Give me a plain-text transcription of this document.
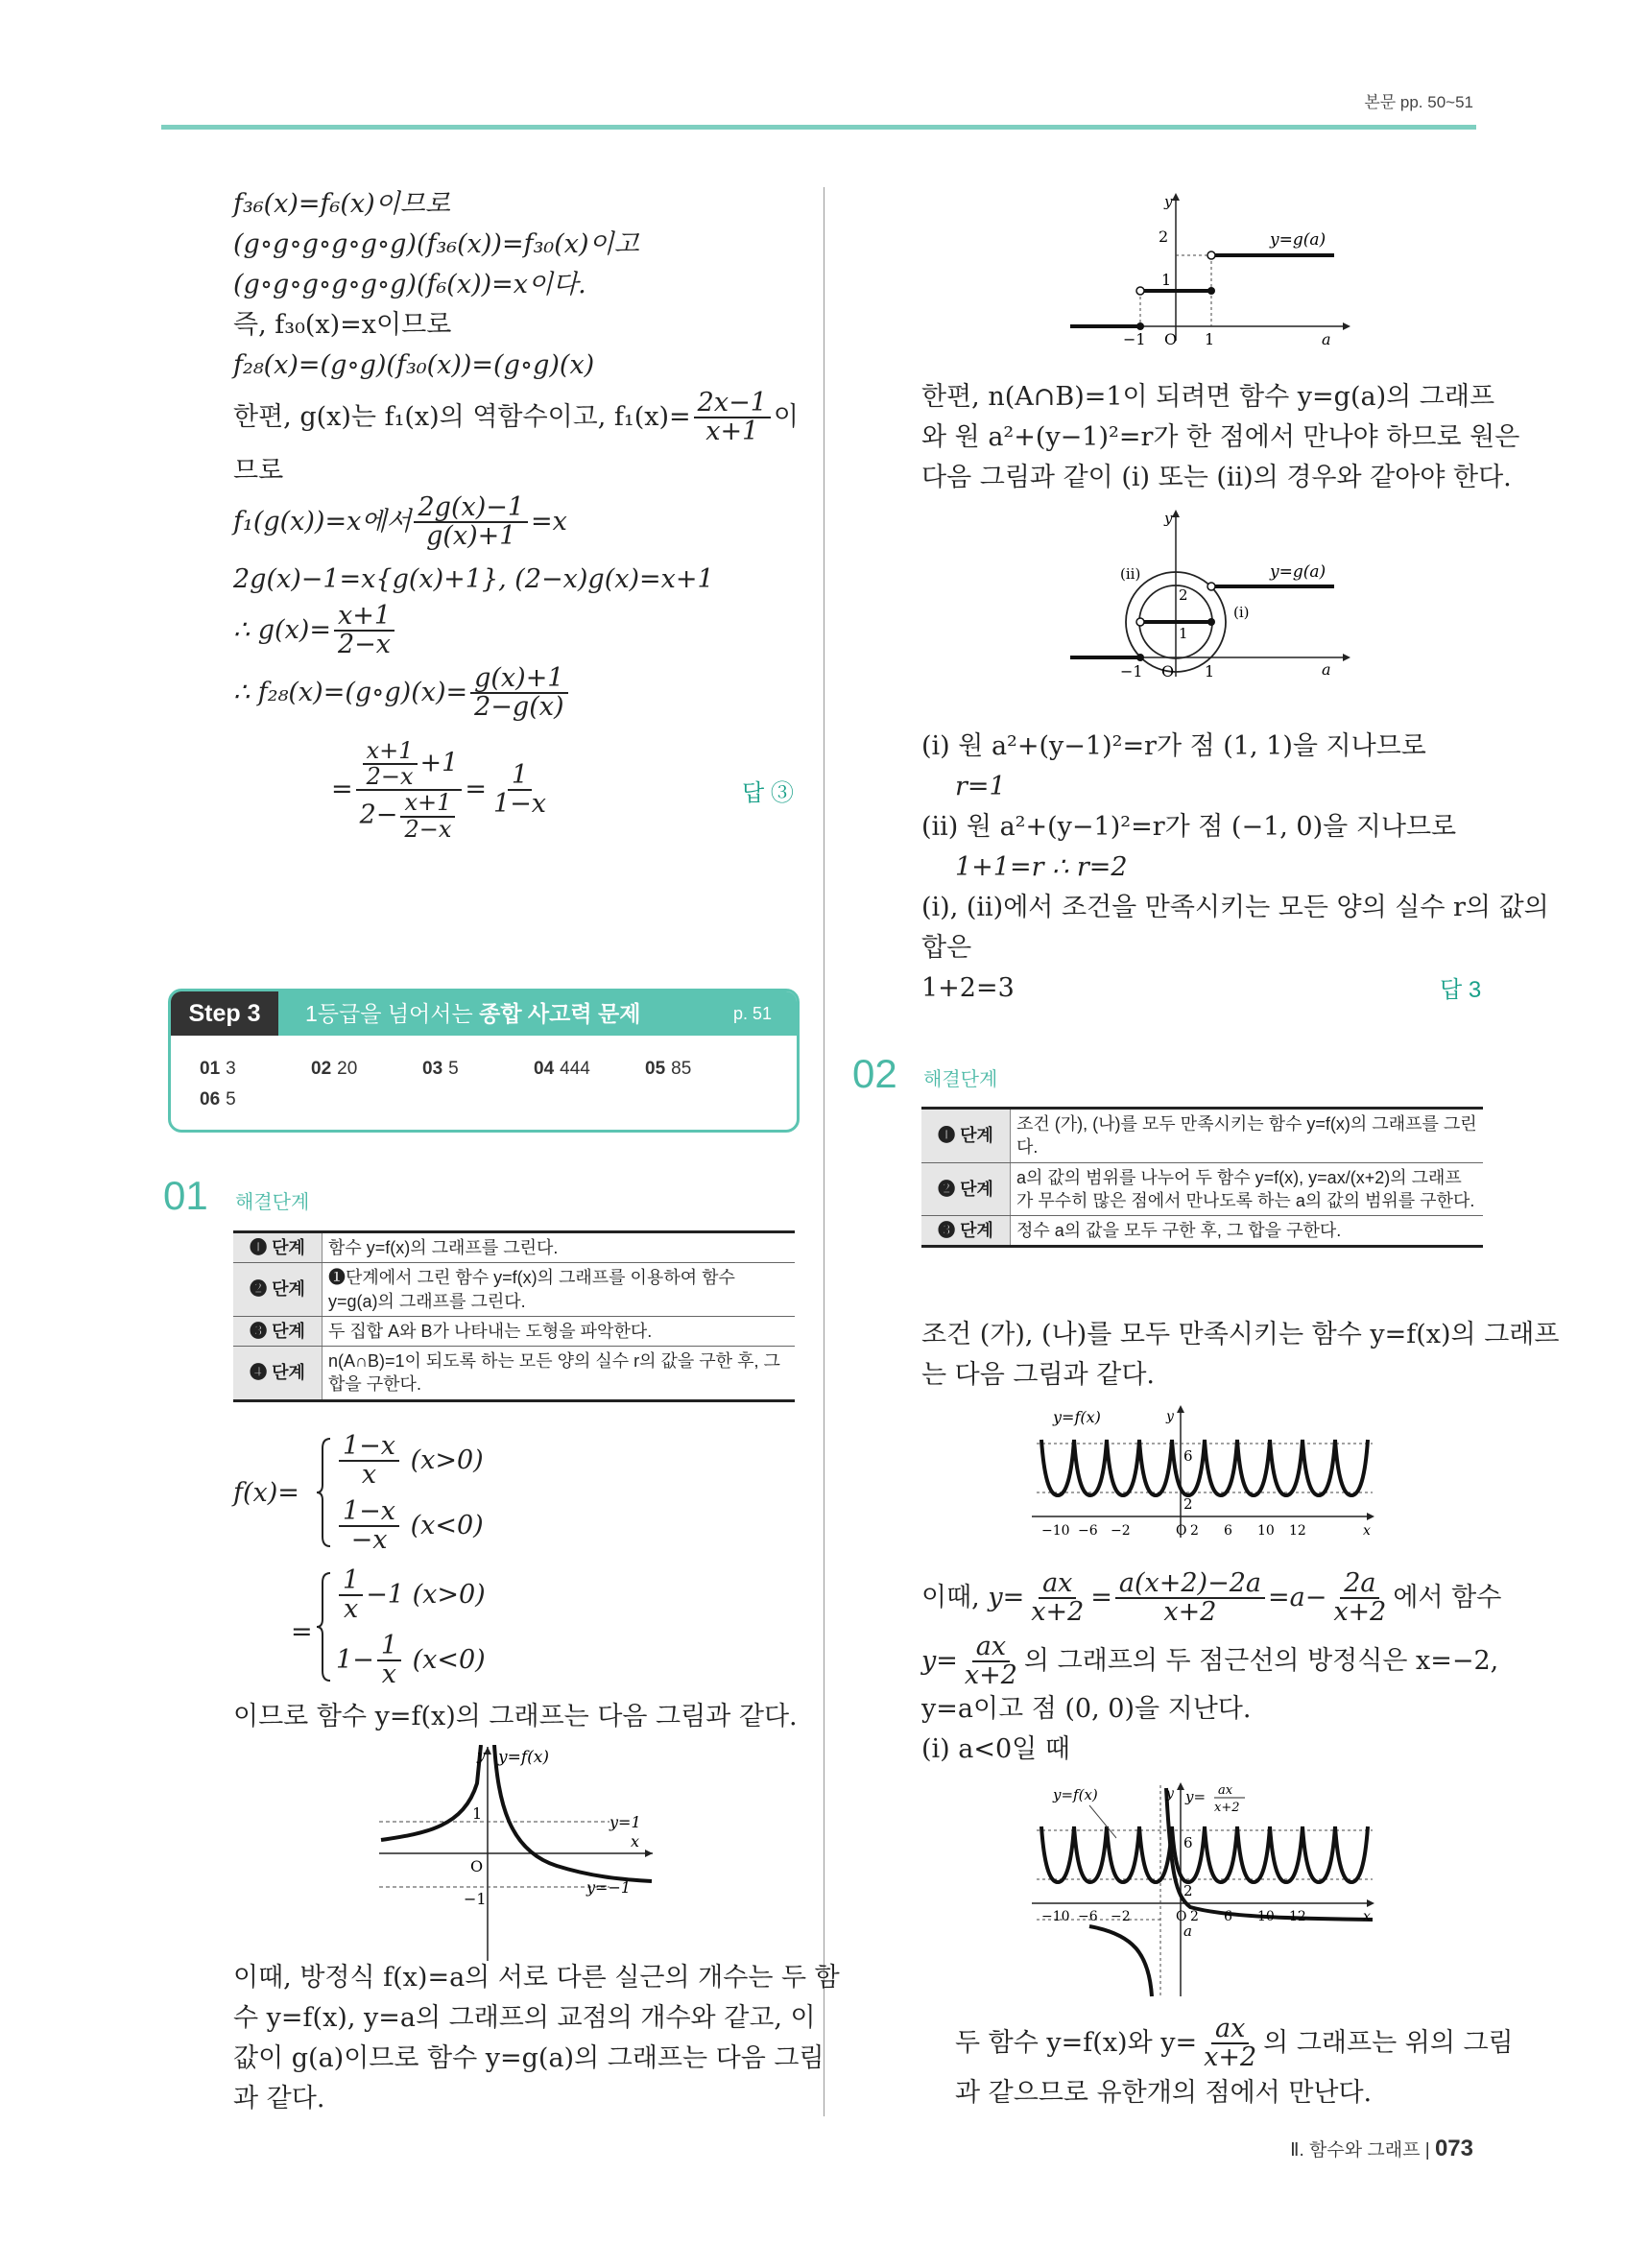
본문 pp. 50~51
f₃₆(x)=f₆(x)이므로
(g∘g∘g∘g∘g∘g)(f₃₆(x))=f₃₀(x)이고
(g∘g∘g∘g∘g∘g)(f₆(x))=x이다.
즉, f₃₀(x)=x이므로
f₂₈(x)=(g∘g)(f₃₀(x))=(g∘g)(x)
한편, g(x)는 f₁(x)의 역함수이고, $f_1(x)= \frac{2x-1}{x+1}$ 이
므로
f₁(g(x))=x에서 $\frac{2g(x)-1}{g(x)+1} =x$
2g(x)−1=x{g(x)+1}, (2−x)g(x)=x+1
∴ $g(x)= \frac{x+1}{2-x}$
∴ f₂₈(x)=(g∘g)(x)= $\frac{g(x)+1}{2-g(x)}$
= $\frac{\frac{x+1}{2-x} +1}{2- \frac{x+1}{2-x}} = \frac{1}{1-x}$	답 ③
Step 3	1등급을 넘어서는 종합 사고력 문제	p. 51
01 3	02 20	03 5	04 444	05 85
06 5
01 해결단계
❶ 단계	함수 y=f(x)의 그래프를 그린다.
❷ 단계	❶단계에서 그린 함수 y=f(x)의 그래프를 이용하여 함수 y=g(a)의 그래프를 그린다.
❸ 단계	두 집합 A와 B가 나타내는 도형을 파악한다.
❹ 단계	n(A∩B)=1이 되도록 하는 모든 양의 실수 r의 값을 구한 후, 그 합을 구한다.
f(x)=
$\frac{1-x}{x} (x>0)$
$\frac{1-x}{-x} (x<0)$
=
$\frac{1}{x} -1$ (x>0)
$1- \frac{1}{x} (x<0)$
이므로 함수 y=f(x)의 그래프는 다음 그림과 같다.
y=f(x)
y
y=1
y=−1
x
O
1
−1
이때, 방정식 f(x)=a의 서로 다른 실근의 개수는 두 함
수 y=f(x), y=a의 그래프의 교점의 개수와 같고, 이
값이 g(a)이므로 함수 y=g(a)의 그래프는 다음 그림
과 같다.
y=g(a)
y
a
2
1
−1 O 1
한편, n(A∩B)=1이 되려면 함수 y=g(a)의 그래프
와 원 a²+(y−1)²=r가 한 점에서 만나야 하므로 원은
다음 그림과 같이 (i) 또는 (ii)의 경우와 같아야 한다.
y=g(a)
(ii)
(i)
y
a
2
1
−1 O 1
(i) 원 a²+(y−1)²=r가 점 (1, 1)을 지나므로
r=1
(ii) 원 a²+(y−1)²=r가 점 (−1, 0)을 지나므로
1+1=r ∴ r=2
(i), (ii)에서 조건을 만족시키는 모든 양의 실수 r의 값의
합은
1+2=3	답 3
02 해결단계
❶ 단계	조건 (가), (나)를 모두 만족시키는 함수 y=f(x)의 그래프를 그린다.
❷ 단계	a의 값의 범위를 나누어 두 함수 y=f(x), y=ax/(x+2)의 그래프가 무수히 많은 점에서 만나도록 하는 a의 값의 범위를 구한다.
❸ 단계	정수 a의 값을 모두 구한 후, 그 합을 구한다.
조건 (가), (나)를 모두 만족시키는 함수 y=f(x)의 그래프
는 다음 그림과 같다.
y=f(x)	y
6
2
x
−10 −6 −2	O 2 6 10 12
이때, $y= \frac{ax}{x+2} = \frac{a(x+2)-2a}{x+2} =a- \frac{2a}{x+2}$ 에서 함수
$y= \frac{ax}{x+2}$ 의 그래프의 두 점근선의 방정식은 x=−2,
y=a이고 점 (0, 0)을 지난다.
(i) a<0일 때
y=f(x)	y= ax
x+2
y
6
2
a
x
−10 −6 −2	O 2 6 10 12
두 함수 y=f(x)와 $y= \frac{ax}{x+2}$ 의 그래프는 위의 그림
과 같으므로 유한개의 점에서 만난다.
Ⅱ. 함수와 그래프 | 073
